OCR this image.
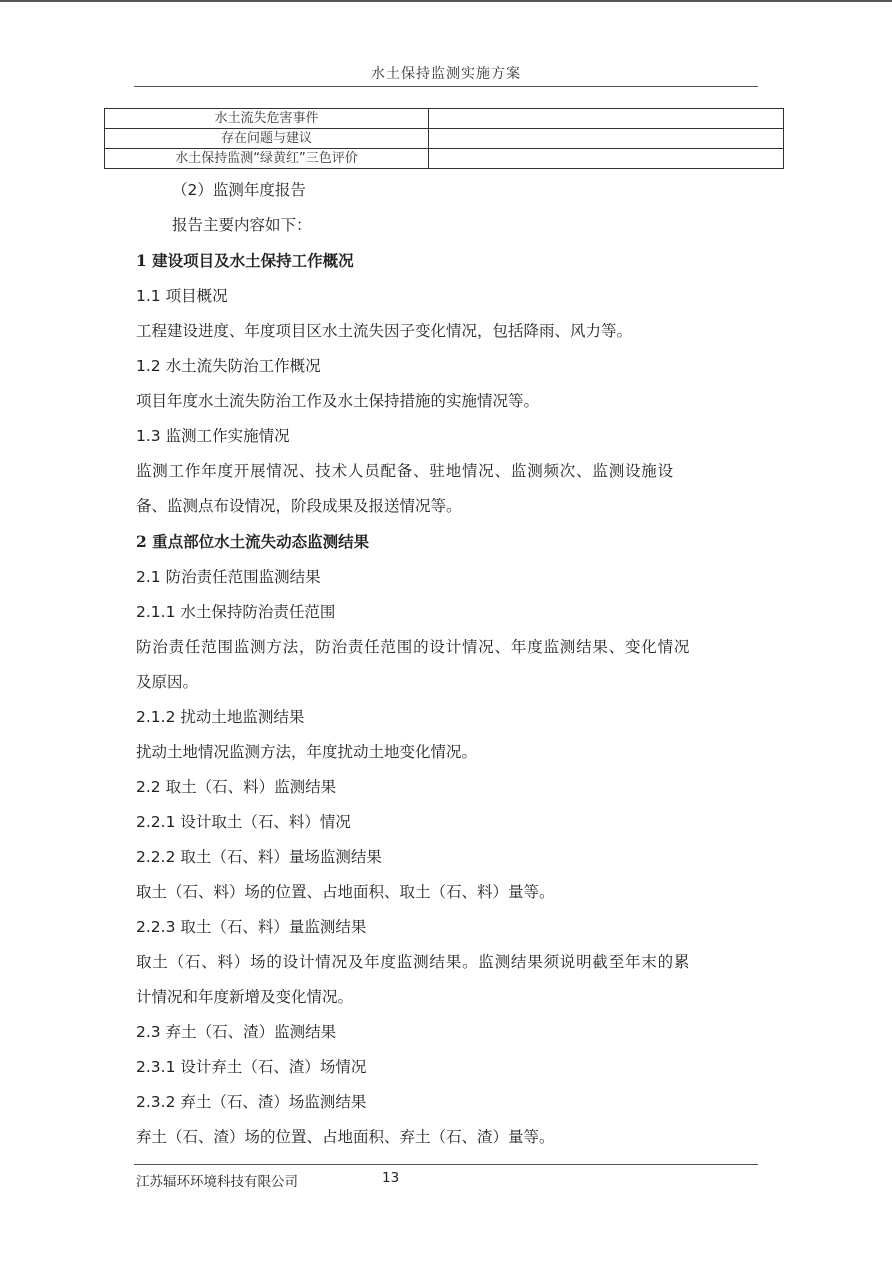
水土保持监测实施方案
水土流失危害事件	
存在问题与建议	
水土保持监测“绿黄红”三色评价	
（2）监测年度报告
报告主要内容如下：
1 建设项目及水土保持工作概况
1.1 项目概况
工程建设进度、年度项目区水土流失因子变化情况，包括降雨、风力等。
1.2 水土流失防治工作概况
项目年度水土流失防治工作及水土保持措施的实施情况等。
1.3 监测工作实施情况
监测工作年度开展情况、技术人员配备、驻地情况、监测频次、监测设施设
备、监测点布设情况，阶段成果及报送情况等。
2 重点部位水土流失动态监测结果
2.1 防治责任范围监测结果
2.1.1 水土保持防治责任范围
防治责任范围监测方法，防治责任范围的设计情况、年度监测结果、变化情况
及原因。
2.1.2 扰动土地监测结果
扰动土地情况监测方法，年度扰动土地变化情况。
2.2 取土（石、料）监测结果
2.2.1 设计取土（石、料）情况
2.2.2 取土（石、料）量场监测结果
取土（石、料）场的位置、占地面积、取土（石、料）量等。
2.2.3 取土（石、料）量监测结果
取土（石、料）场的设计情况及年度监测结果。监测结果须说明截至年末的累
计情况和年度新增及变化情况。
2.3 弃土（石、渣）监测结果
2.3.1 设计弃土（石、渣）场情况
2.3.2 弃土（石、渣）场监测结果
弃土（石、渣）场的位置、占地面积、弃土（石、渣）量等。
江苏辐环环境科技有限公司	13
